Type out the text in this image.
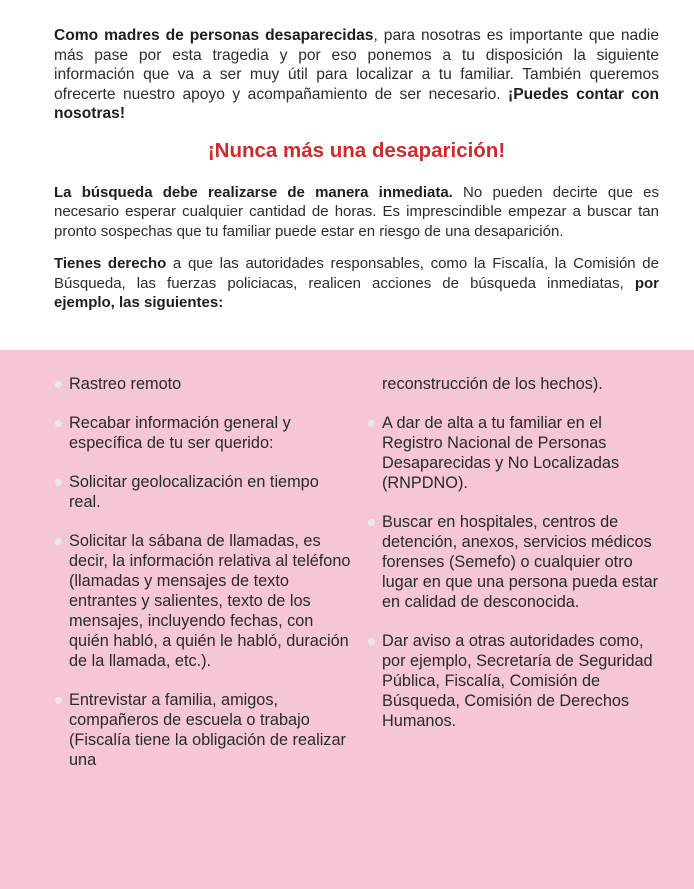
Como madres de personas desaparecidas, para nosotras es importante que nadie más pase por esta tragedia y por eso ponemos a tu disposición la siguiente información que va a ser muy útil para localizar a tu familiar. También queremos ofrecerte nuestro apoyo y acompañamiento de ser necesario. ¡Puedes contar con nosotras!

¡Nunca más una desaparición!

La búsqueda debe realizarse de manera inmediata. No pueden decirte que es necesario esperar cualquier cantidad de horas. Es imprescindible empezar a buscar tan pronto sospechas que tu familiar puede estar en riesgo de una desaparición.

Tienes derecho a que las autoridades responsables, como la Fiscalía, la Comisión de Búsqueda, las fuerzas policiacas, realicen acciones de búsqueda inmediatas, por ejemplo, las siguientes:

Rastreo remoto
Recabar información general y específica de tu ser querido:
Solicitar geolocalización en tiempo real.
Solicitar la sábana de llamadas, es decir, la información relativa al teléfono (llamadas y mensajes de texto entrantes y salientes, texto de los mensajes, incluyendo fechas, con quién habló, a quién le habló, duración de la llamada, etc.).
Entrevistar a familia, amigos, compañeros de escuela o trabajo (Fiscalía tiene la obligación de realizar una
reconstrucción de los hechos).
A dar de alta a tu familiar en el Registro Nacional de Personas Desaparecidas y No Localizadas (RNPDNO).
Buscar en hospitales, centros de detención, anexos, servicios médicos forenses (Semefo) o cualquier otro lugar en que una persona pueda estar en calidad de desconocida.
Dar aviso a otras autoridades como, por ejemplo, Secretaría de Seguridad Pública, Fiscalía, Comisión de Búsqueda, Comisión de Derechos Humanos.
